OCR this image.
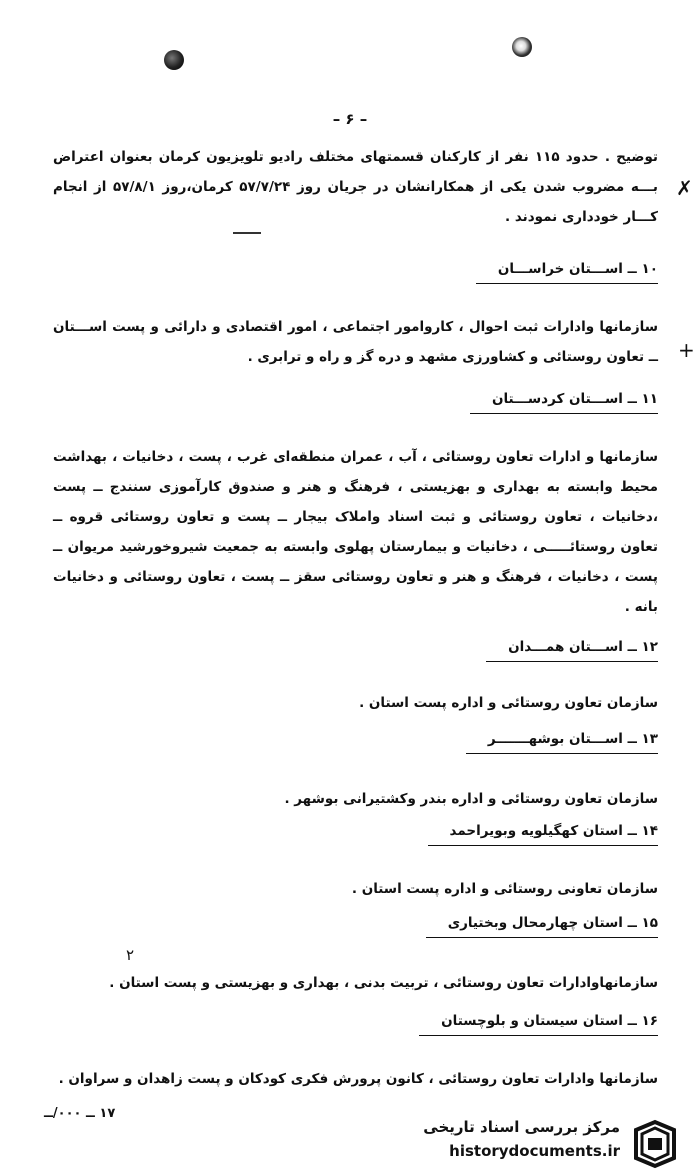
– ۶ –

توضیح . حدود ۱۱۵ نفر از کارکنان قسمتهای مختلف رادیو تلویزیون کرمان بعنوان اعتراض بـــه مضروب شدن یکی از همکارانشان در جریان روز ۵۷/۷/۲۴ کرمان،روز ۵۷/۸/۱ از انجام کـــار خودداری نمودند .

۱۰ ــ اســـتان خراســـان

سازمانها وادارات ثبت احوال ، کاروامور اجتماعی ، امور اقتصادی و دارائی و پست اســـتان ــ تعاون روستائی و کشاورزی مشهد و دره گز و راه و ترابری .

۱۱ ــ اســـتان کردســـتان

سازمانها و ادارات تعاون روستائی ، آب ، عمران منطقه‌ای غرب ، پست ، دخانیات ، بهداشت محیط وابسته به بهداری و بهزیستی ، فرهنگ و هنر و صندوق کارآموزی سنندج ــ پست ،دخانیات ، تعاون روستائی و ثبت اسناد واملاک بیجار ــ پست و تعاون روستائی قروه ــ تعاون روستائـــــی ، دخانیات و بیمارستان پهلوی وابسته به جمعیت شیروخورشید مریوان ــ پست ، دخانیات ، فرهنگ و هنر و تعاون روستائی سقز ــ پست ، تعاون روستائی و دخانیات بانه .

۱۲ ــ اســـتان همـــدان

سازمان تعاون روستائی و اداره پست استان .

۱۳ ــ اســـتان بوشهـــــــر

سازمان تعاون روستائی و اداره بندر وکشتیرانی بوشهر .

۱۴ ــ استان کهگیلویه وبویراحمد

سازمان تعاونی روستائی و اداره پست استان .

۱۵ ــ استان چهارمحال وبختیاری

سازمانهاوادارات تعاون روستائی ، تربیت بدنی ، بهداری و بهزیستی و پست استان .

۱۶ ــ استان سیستان و بلوچستان

سازمانها وادارات تعاون روستائی ، کانون پرورش فکری کودکان و پست زاهدان و سراوان .

✗
+
۲
۱۷ ــ ۰۰۰/ــ
مرکز بررسی اسناد تاریخی
historydocuments.ir
